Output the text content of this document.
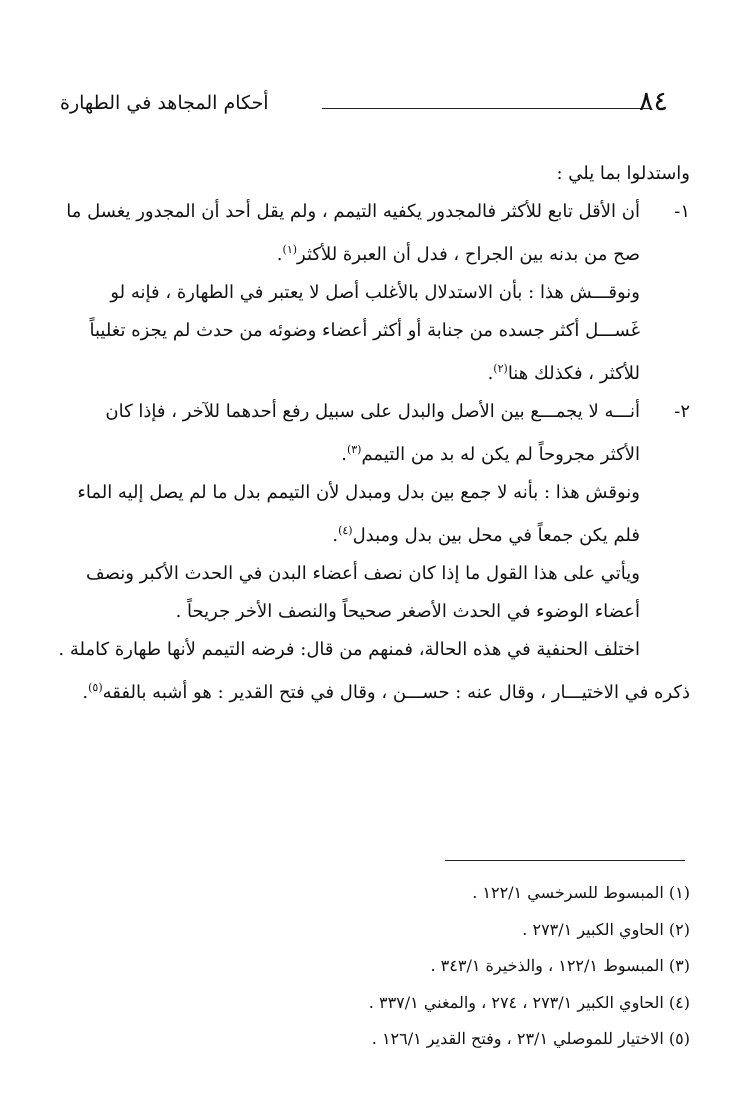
٨٤
أحكام المجاهد في الطهارة
واستدلوا بما يلي :
١-
أن الأقل تابع للأكثر فالمجدور يكفيه التيمم ، ولم يقل أحد أن المجدور يغسل ما
صح من بدنه بين الجراح ، فدل أن العبرة للأكثر$^{(١)}$.
ونوقـــش هذا : بأن الاستدلال بالأغلب أصل لا يعتبر في الطهارة ، فإنه لو
غَســـل أكثر جسده من جنابة أو أكثر أعضاء وضوئه من حدث لم يجزه تغليباً
للأكثر ، فكذلك هنا$^{(٢)}$.
٢-
أنـــه لا يجمـــع بين الأصل والبدل على سبيل رفع أحدهما للآخر ، فإذا كان
الأكثر مجروحاً لم يكن له بد من التيمم$^{(٣)}$.
ونوقش هذا : بأنه لا جمع بين بدل ومبدل لأن التيمم بدل ما لم يصل إليه الماء
فلم يكن جمعاً في محل بين بدل ومبدل$^{(٤)}$.
ويأتي على هذا القول ما إذا كان نصف أعضاء البدن في الحدث الأكبر ونصف
أعضاء الوضوء في الحدث الأصغر صحيحاً والنصف الأخر جريحاً .
اختلف الحنفية في هذه الحالة، فمنهم من قال: فرضه التيمم لأنها طهارة كاملة .
ذكره في الاختيـــار ، وقال عنه : حســـن ، وقال في فتح القدير : هو أشبه بالفقه$^{(٥)}$.
(١) المبسوط للسرخسي ١٢٢/١ .
(٢) الحاوي الكبير ٢٧٣/١ .
(٣) المبسوط ١٢٢/١ ، والذخيرة ٣٤٣/١ .
(٤) الحاوي الكبير ٢٧٣/١ ، ٢٧٤ ، والمغني ٣٣٧/١ .
(٥) الاختيار للموصلي ٢٣/١ ، وفتح القدير ١٢٦/١ .
